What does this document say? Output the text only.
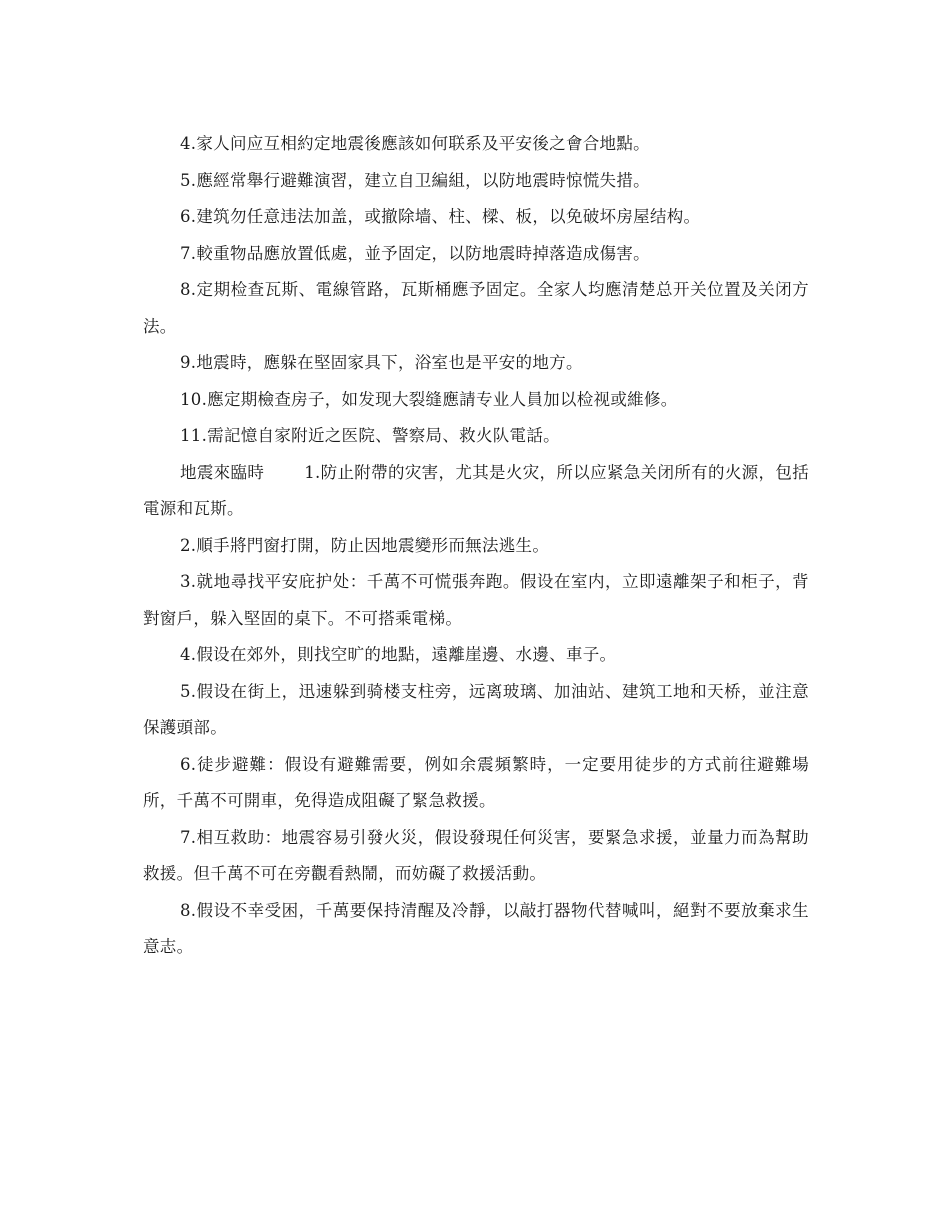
4.家人问应互相約定地震後應該如何联系及平安後之會合地點。

5.應經常舉行避難演習，建立自卫編組，以防地震時惊慌失措。

6.建筑勿任意违法加盖，或撤除墙、柱、樑、板，以免破坏房屋结构。

7.較重物品應放置低處，並予固定，以防地震時掉落造成傷害。

8.定期检查瓦斯、電線管路，瓦斯桶應予固定。全家人均應清楚总开关位置及关闭方法。

9.地震時，應躲在堅固家具下，浴室也是平安的地方。

10.應定期檢查房子，如发现大裂缝應請专业人員加以检视或維修。

11.需記憶自家附近之医院、警察局、救火队電話。

地震來臨時 1.防止附帶的灾害，尤其是火灾，所以应紧急关闭所有的火源，包括電源和瓦斯。

2.順手將門窗打開，防止因地震變形而無法逃生。

3.就地尋找平安庇护处：千萬不可慌張奔跑。假设在室内，立即遠離架子和柜子，背對窗戶，躲入堅固的桌下。不可搭乘電梯。

4.假设在郊外，則找空旷的地點，遠離崖邊、水邊、車子。

5.假设在街上，迅速躲到骑楼支柱旁，远离玻璃、加油站、建筑工地和天桥，並注意保護頭部。

6.徒步避難：假设有避難需要，例如余震頻繁時，一定要用徒步的方式前往避難場所，千萬不可開車，免得造成阻礙了緊急救援。

7.相互救助：地震容易引發火災，假设發現任何災害，要緊急求援，並量力而為幫助救援。但千萬不可在旁觀看熱鬧，而妨礙了救援活動。

8.假设不幸受困，千萬要保持清醒及冷靜，以敲打器物代替喊叫，絕對不要放棄求生意志。
